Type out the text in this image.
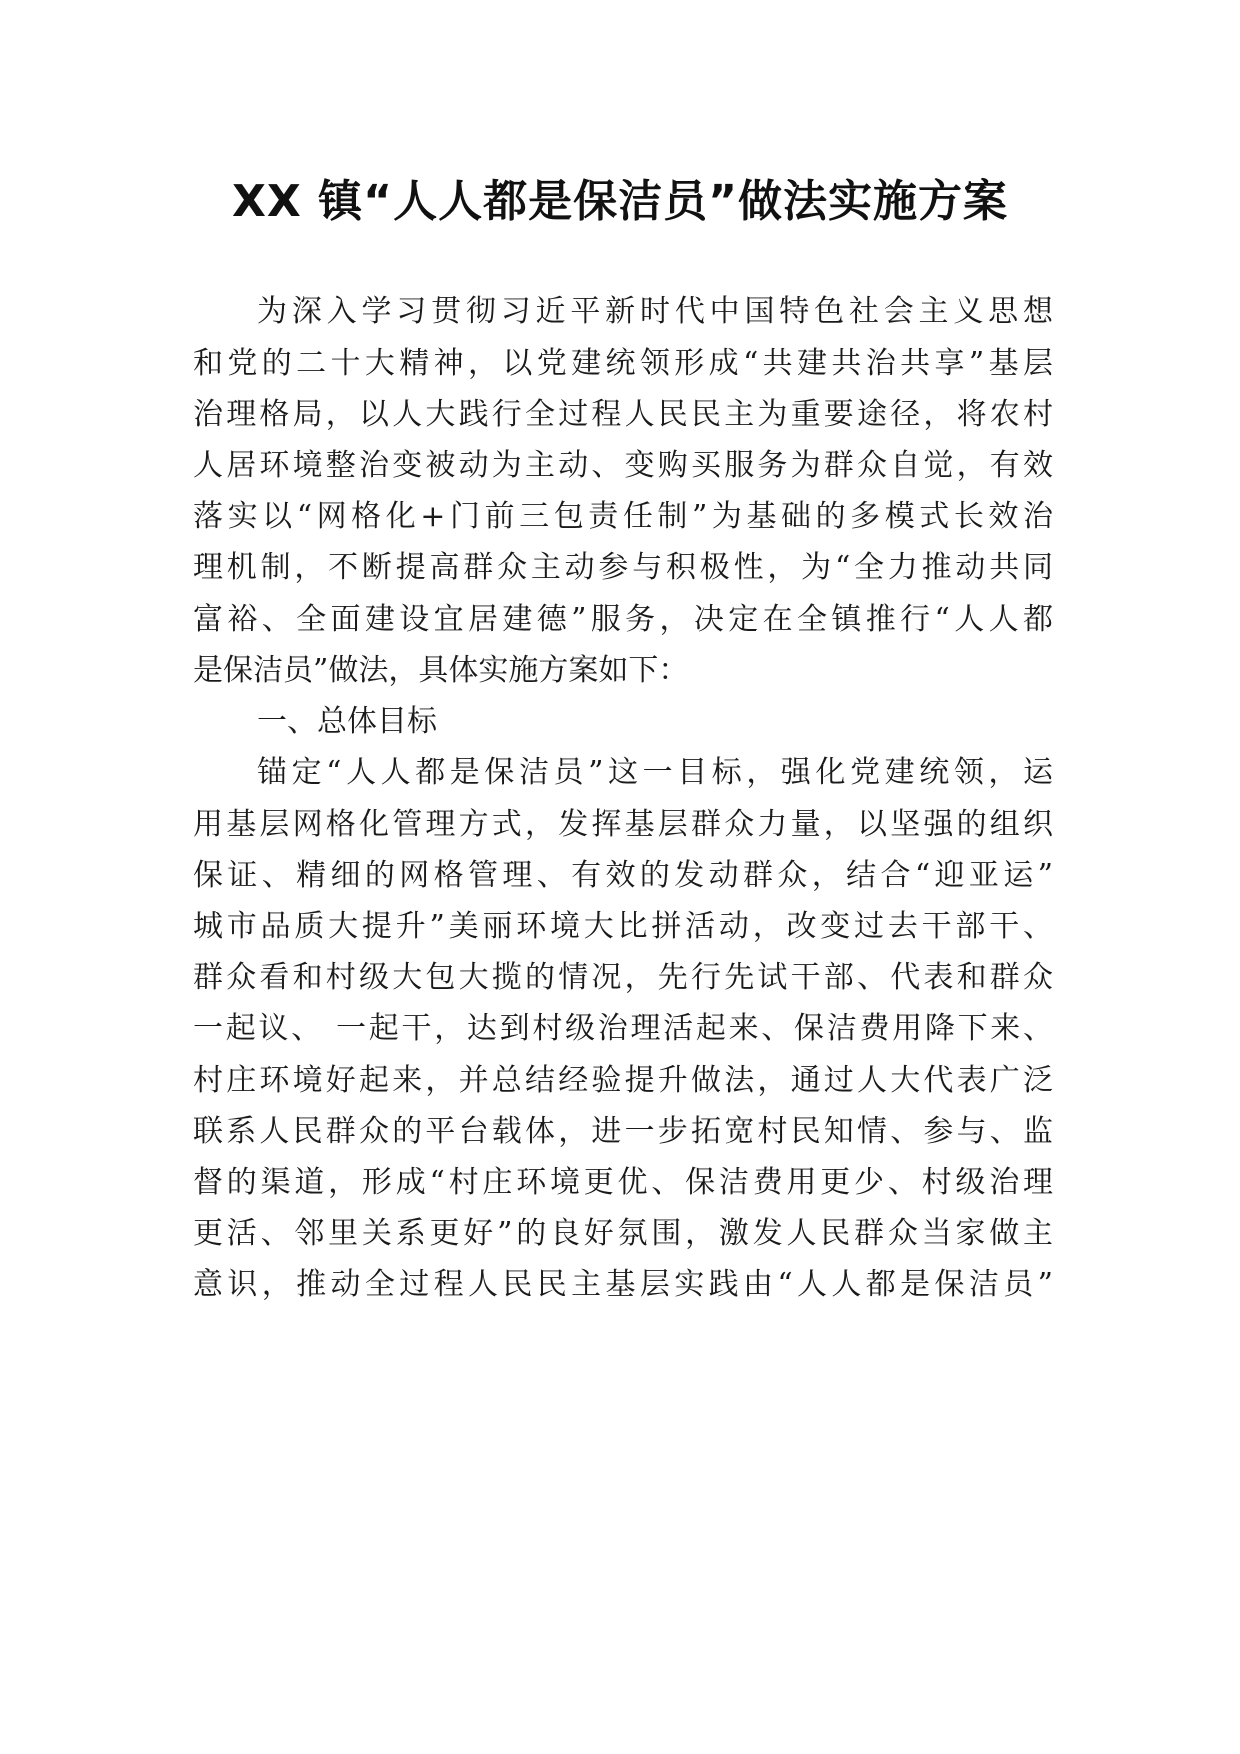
XX 镇“人人都是保洁员”做法实施方案
为深入学习贯彻习近平新时代中国特色社会主义思想
和党的二十大精神，以党建统领形成“共建共治共享”基层
治理格局，以人大践行全过程人民民主为重要途径，将农村
人居环境整治变被动为主动、变购买服务为群众自觉，有效
落实以“网格化+门前三包责任制”为基础的多模式长效治
理机制，不断提高群众主动参与积极性，为“全力推动共同
富裕、全面建设宜居建德”服务，决定在全镇推行“人人都
是保洁员”做法，具体实施方案如下：
一、总体目标
锚定“人人都是保洁员”这一目标，强化党建统领，运
用基层网格化管理方式，发挥基层群众力量，以坚强的组织
保证、精细的网格管理、有效的发动群众，结合“迎亚运”
城市品质大提升”美丽环境大比拼活动，改变过去干部干、
群众看和村级大包大揽的情况，先行先试干部、代表和群众
一起议、 一起干，达到村级治理活起来、保洁费用降下来、
村庄环境好起来，并总结经验提升做法，通过人大代表广泛
联系人民群众的平台载体，进一步拓宽村民知情、参与、监
督的渠道，形成“村庄环境更优、保洁费用更少、村级治理
更活、邻里关系更好”的良好氛围，激发人民群众当家做主
意识，推动全过程人民民主基层实践由“人人都是保洁员”
